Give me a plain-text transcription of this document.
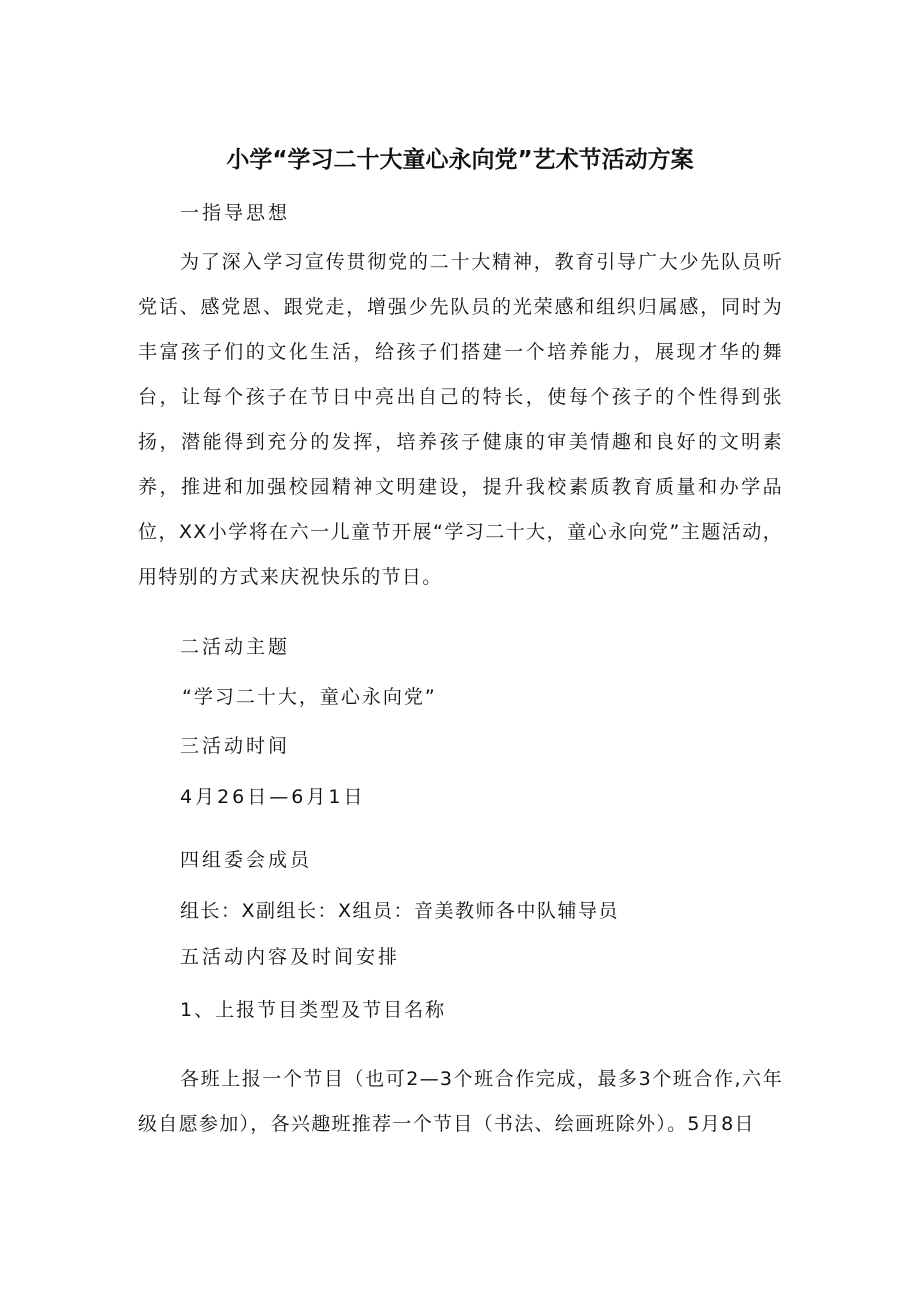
小学“学习二十大童心永向党”艺术节活动方案
一指导思想

为了深入学习宣传贯彻党的二十大精神，教育引导广大少先队员听党话、感党恩、跟党走，增强少先队员的光荣感和组织归属感，同时为丰富孩子们的文化生活，给孩子们搭建一个培养能力，展现才华的舞台，让每个孩子在节日中亮出自己的特长，使每个孩子的个性得到张扬，潜能得到充分的发挥，培养孩子健康的审美情趣和良好的文明素养，推进和加强校园精神文明建设，提升我校素质教育质量和办学品位，XX小学将在六一儿童节开展“学习二十大，童心永向党”主题活动，用特别的方式来庆祝快乐的节日。

二活动主题
“学习二十大，童心永向党”
三活动时间
4月26日—6月1日
四组委会成员
组长：X副组长：X组员：音美教师各中队辅导员
五活动内容及时间安排
1、上报节目类型及节目名称

各班上报一个节目（也可2—3个班合作完成，最多3个班合作,六年级自愿参加），各兴趣班推荐一个节目（书法、绘画班除外）。5月8日
